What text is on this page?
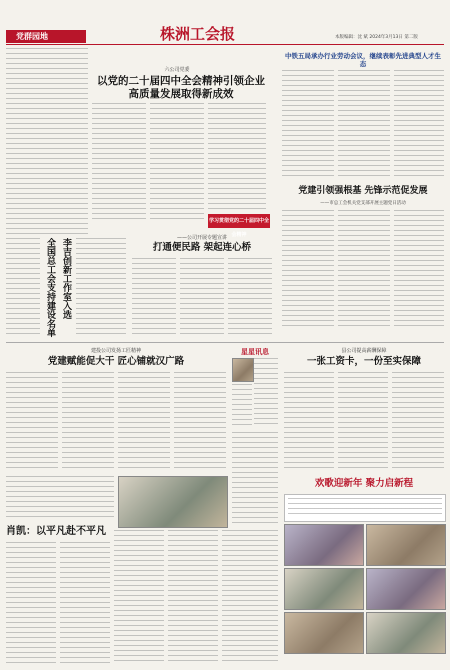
党群园地	株洲工会报	本版编辑：沈 斌 2024年3月13日 第二版
六公司党委
以党的二十届四中全会精神引领企业高质量发展取得新成效
学习贯彻党的二十届四中全会精神
中铁五局承办行业劳动会议，继续表彰先进典型人才生态
党建引领强根基 先锋示范促发展
——市总工会机关党支部开展主题党日活动
李吉创新工作室入选
全国总工会支持建设名单	——公司开展专题宣讲
打通便民路 架起连心桥
建投公司发扬工匠精神
党建赋能促大干 匠心铺就汉广路
星星讯息	县公司提高薪酬保障
一张工资卡，一份至实保障
肖凯：以平凡赴不平凡
欢歌迎新年 聚力启新程
